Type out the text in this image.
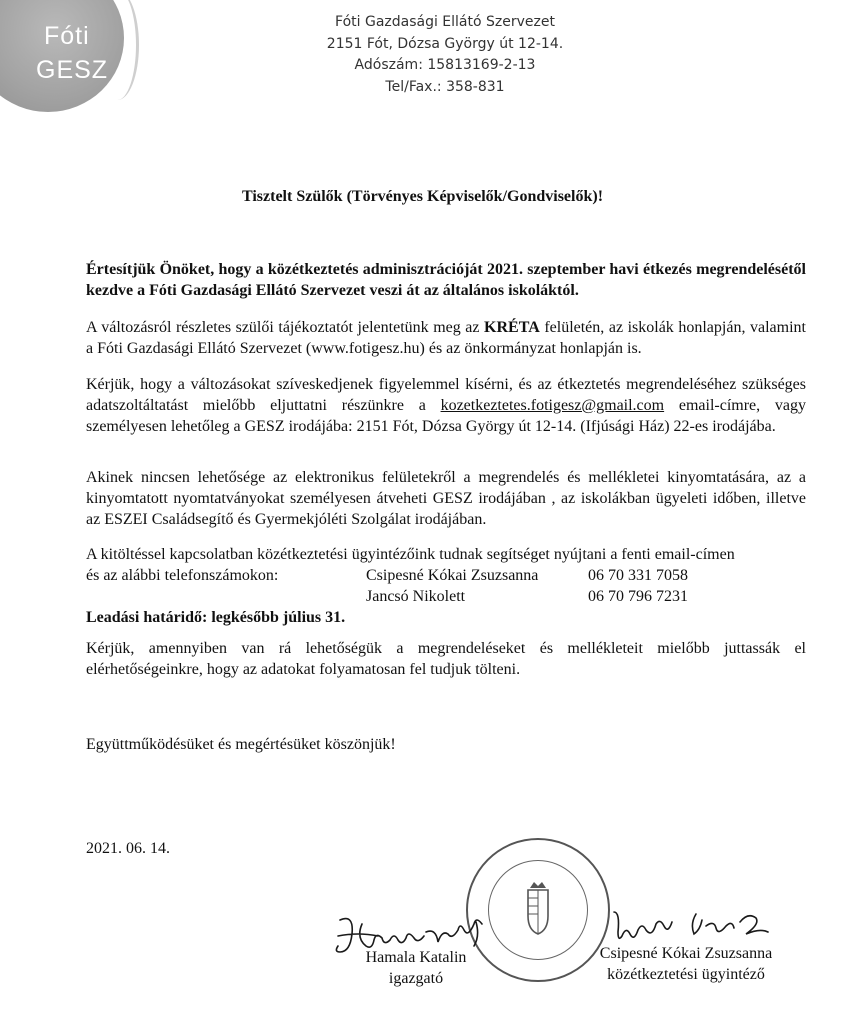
Fóti
GESZ
Fóti Gazdasági Ellátó Szervezet
2151 Fót, Dózsa György út 12-14.
Adószám: 15813169-2-13
Tel/Fax.: 358-831
Tisztelt Szülők (Törvényes Képviselők/Gondviselők)!

Értesítjük Önöket, hogy a közétkeztetés adminisztrációját 2021. szeptember havi étkezés megrendelésétől kezdve a Fóti Gazdasági Ellátó Szervezet veszi át az általános iskoláktól.

A változásról részletes szülői tájékoztatót jelentetünk meg az KRÉTA felületén, az iskolák honlapján, valamint a Fóti Gazdasági Ellátó Szervezet (www.fotigesz.hu) és az önkormányzat honlapján is.

Kérjük, hogy a változásokat szíveskedjenek figyelemmel kísérni, és az étkeztetés megrendeléséhez szükséges adatszoltáltatást mielőbb eljuttatni részünkre a kozetkeztetes.fotigesz@gmail.com email-címre, vagy személyesen lehetőleg a GESZ irodájába: 2151 Fót, Dózsa György út 12-14. (Ifjúsági Ház) 22-es irodájába.

Akinek nincsen lehetősége az elektronikus felületekről a megrendelés és mellékletei kinyomtatására, az a kinyomtatott nyomtatványokat személyesen átveheti GESZ irodájában , az iskolákban ügyeleti időben, illetve az ESZEI Családsegítő és Gyermekjóléti Szolgálat irodájában.

A kitöltéssel kapcsolatban közétkeztetési ügyintézőink tudnak segítséget nyújtani a fenti email-címen

és az alábbi telefonszámokon:	Csipesné Kókai Zsuzsanna	06 70 331 7058
Jancsó Nikolett	06 70 796 7231

Leadási határidő: legkésőbb július 31.

Kérjük, amennyiben van rá lehetőségük a megrendeléseket és mellékleteit mielőbb juttassák el elérhetőségeinkre, hogy az adatokat folyamatosan fel tudjuk tölteni.

Együttműködésüket és megértésüket köszönjük!

2021. 06. 14.

Hamala Katalin
igazgató
Csipesné Kókai Zsuzsanna
közétkeztetési ügyintéző
